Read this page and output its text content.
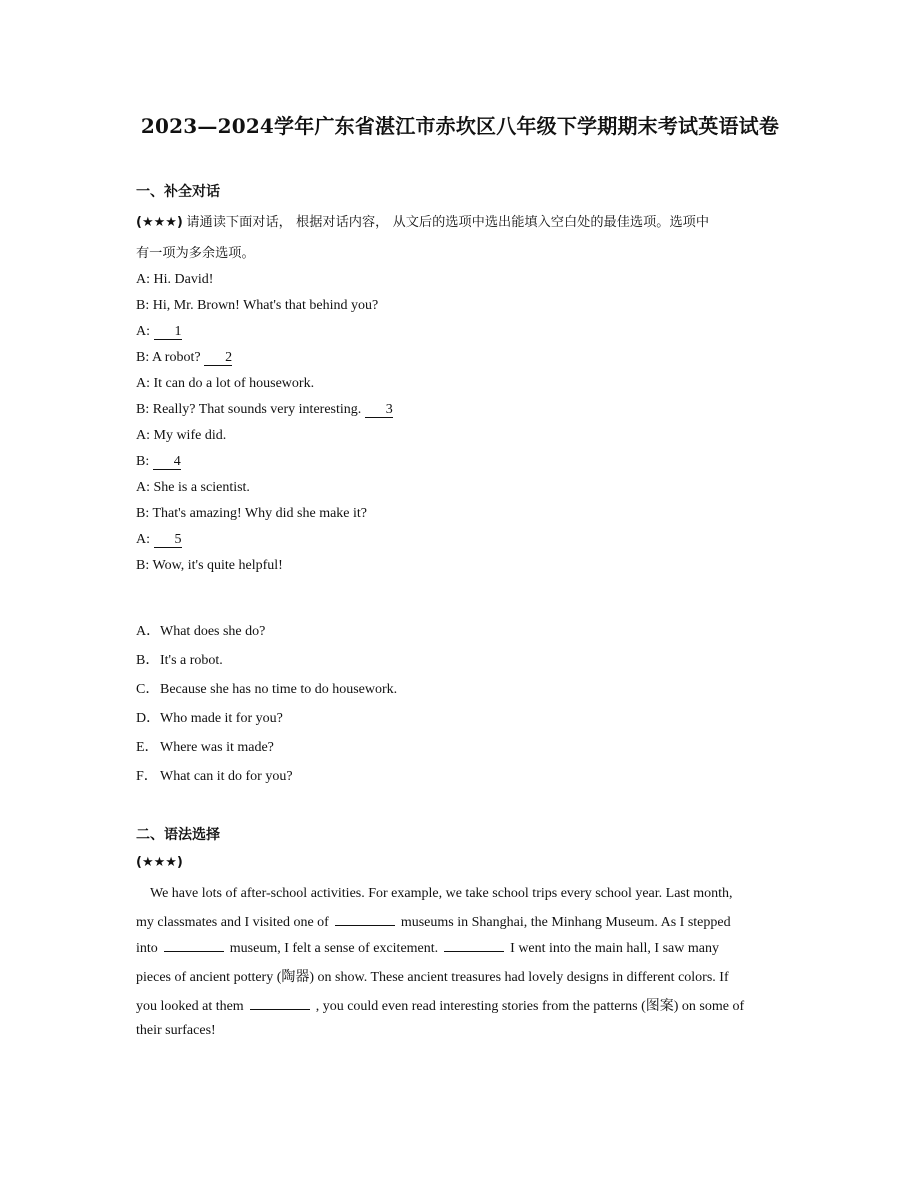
2023—2024学年广东省湛江市赤坎区八年级下学期期末考试英语试卷
一、补全对话
(★★★) 请通读下面对话， 根据对话内容， 从文后的选项中选出能填入空白处的最佳选项。选项中
有一项为多余选项。
A: Hi. David!
B: Hi, Mr. Brown! What's that behind you?
A: 1
B: A robot? 2
A: It can do a lot of housework.
B: Really? That sounds very interesting. 3
A: My wife did.
B: 4
A: She is a scientist.
B: That's amazing! Why did she make it?
A: 5
B: Wow, it's quite helpful!
A．What does she do?
B．It's a robot.
C．Because she has no time to do housework.
D．Who made it for you?
E．Where was it made?
F． What can it do for you?
二、语法选择
(★★★)
We have lots of after-school activities. For example, we take school trips every school year. Last month,
my classmates and I visited one of	museums in Shanghai, the Minhang Museum. As I stepped
into	museum, I felt a sense of excitement.	I went into the main hall, I saw many
pieces of ancient pottery (陶器) on show. These ancient treasures had lovely designs in different colors. If
you looked at them	, you could even read interesting stories from the patterns (图案) on some of
their surfaces!
